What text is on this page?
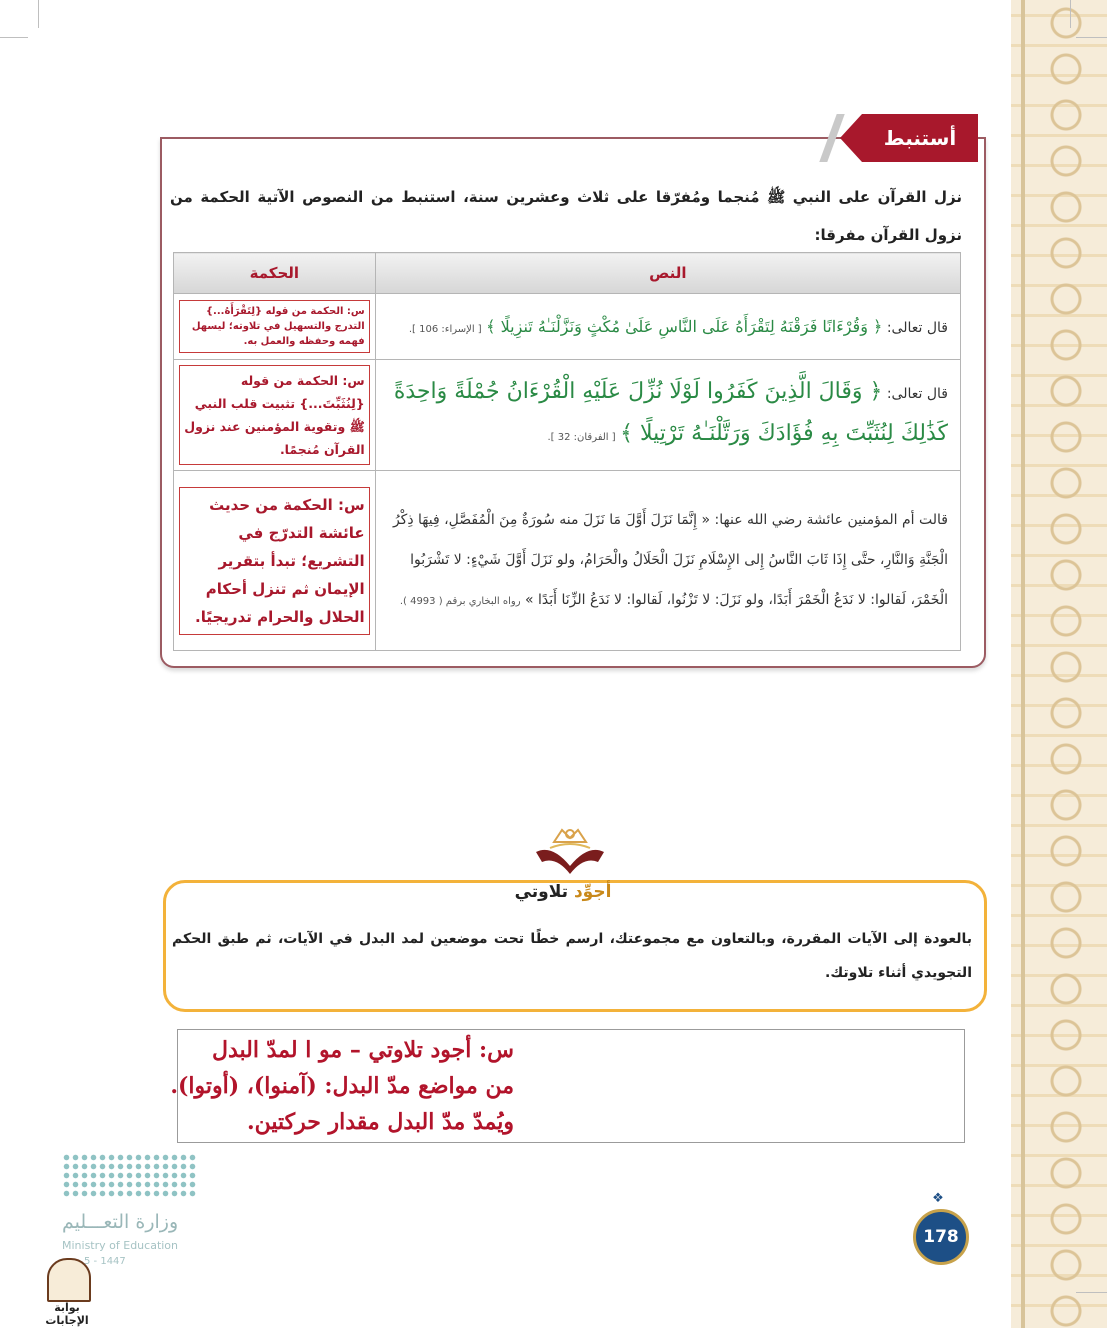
أستنبط
نزل القرآن على النبي ﷺ مُنجما ومُفرّقا على ثلاث وعشرين سنة، استنبط من النصوص الآتية الحكمة من نزول القرآن مفرقا:
النص	الحكمة
قال تعالى: ﴿ وَقُرْءَانًا فَرَقْنَهُ لِتَقْرَأَهُ عَلَى النَّاسِ عَلَىٰ مُكْثٍ وَنَزَّلْنَـٰهُ تَنزِيلًا ﴾ [ الإسراء: 106 ].	س: الحكمة من قوله {لِتَقْرَأَهُ...} التدرج والتسهيل في تلاوته؛ ليسهل فهمه وحفظه والعمل به.

قال تعالى: ﴿ وَقَالَ الَّذِينَ كَفَرُوا لَوْلَا نُزِّلَ عَلَيْهِ الْقُرْءَانُ جُمْلَةً وَاحِدَةً كَذَٰلِكَ لِنُثَبِّتَ بِهِ فُؤَادَكَ وَرَتَّلْنَـٰهُ تَرْتِيلًا ﴾ [ الفرقان: 32 ].	س: الحكمة من قوله {لِنُثَبِّتَ...} تثبيت قلب النبي ﷺ وتقوية المؤمنين عند نزول القرآن مُنجمًا.

قالت أم المؤمنين عائشة رضي الله عنها: « إِنَّمَا نَزَلَ أَوَّلَ مَا نَزَلَ منه سُورَةٌ مِنَ الْمُفَصَّلِ، فِيهَا ذِكْرُ الْجَنَّةِ وَالنَّارِ، حتَّى إِذَا ثَابَ النَّاسُ إِلى الإِسْلَامِ نَزَلَ الْحَلَالُ والْحَرَامُ، ولو نَزَلَ أَوَّلَ شَيْءٍ: لا تَشْرَبُوا الْخَمْرَ، لَقالوا: لا نَدَعُ الْخَمْرَ أَبَدًا، ولو نَزَلَ: لا تَزْنُوا، لَقالوا: لا نَدَعُ الزِّنَا أَبَدًا » رواه البخاري برقم ( 4993 ).	س: الحكمة من حديث عائشة التدرّج في التشريع؛ تبدأ بتقرير الإيمان ثم تنزل أحكام الحلال والحرام تدريجيًا.
أجوِّد تلاوتي
بالعودة إلى الآيات المقررة، وبالتعاون مع مجموعتك، ارسم خطًا تحت موضعين لمد البدل في الآيات، ثم طبق الحكم التجويدي أثناء تلاوتك.
س: أجود تلاوتي – مو ا لمدّ البدل
من مواضع مدّ البدل: (آمنوا)، (أوتوا).
ويُمدّ مدّ البدل مقدار حركتين.
وزارة التعـــليم
Ministry of Education
5 - 1447
بوابة الإجابات
❖
178
